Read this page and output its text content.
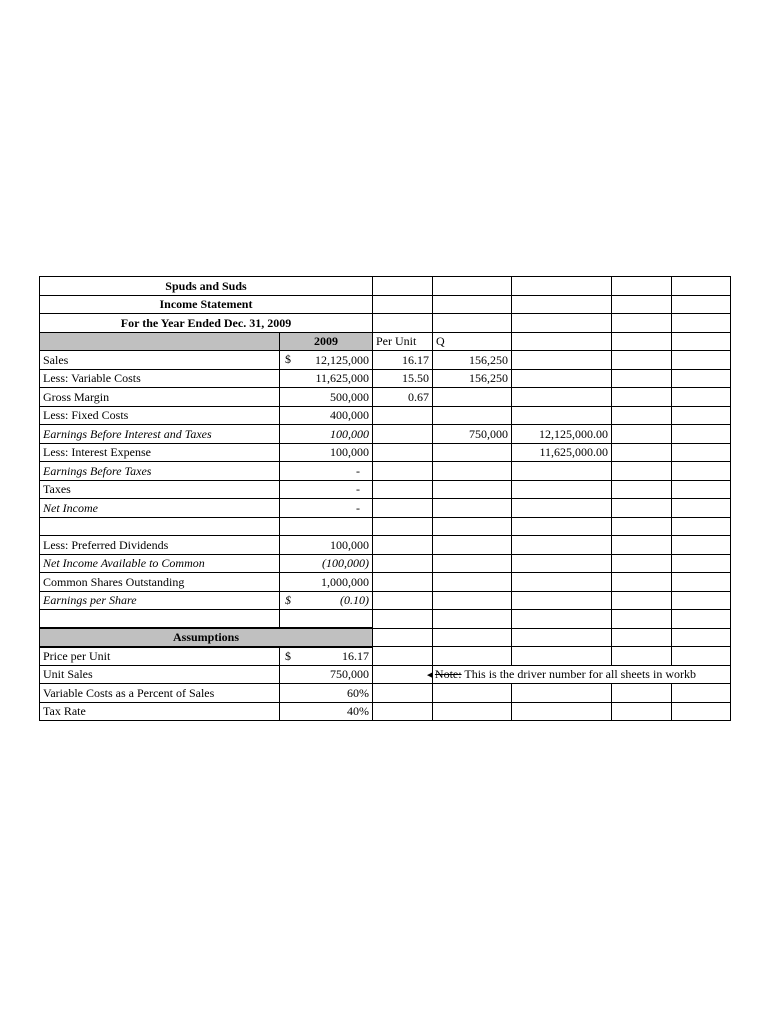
Spuds and Suds						
Income Statement						
For the Year Ended Dec. 31, 2009						
	2009	Per Unit	Q			
Sales	$ 12,125,000	16.17	156,250			
Less: Variable Costs	11,625,000	15.50	156,250			
Gross Margin	500,000	0.67				
Less: Fixed Costs	400,000					
Earnings Before Interest and Taxes	100,000		750,000	12,125,000.00		
Less: Interest Expense	100,000			11,625,000.00		
Earnings Before Taxes	-					
Taxes	-					
Net Income	-					

Less: Preferred Dividends	100,000					
Net Income Available to Common	(100,000)					
Common Shares Outstanding	1,000,000					
Earnings per Share	$ (0.10)					

Assumptions						
Price per Unit	$ 16.17					

Unit Sales	750,000		◄Note: This is the driver number for all sheets in workb			

Variable Costs as a Percent of Sales	60%					
Tax Rate	40%					
